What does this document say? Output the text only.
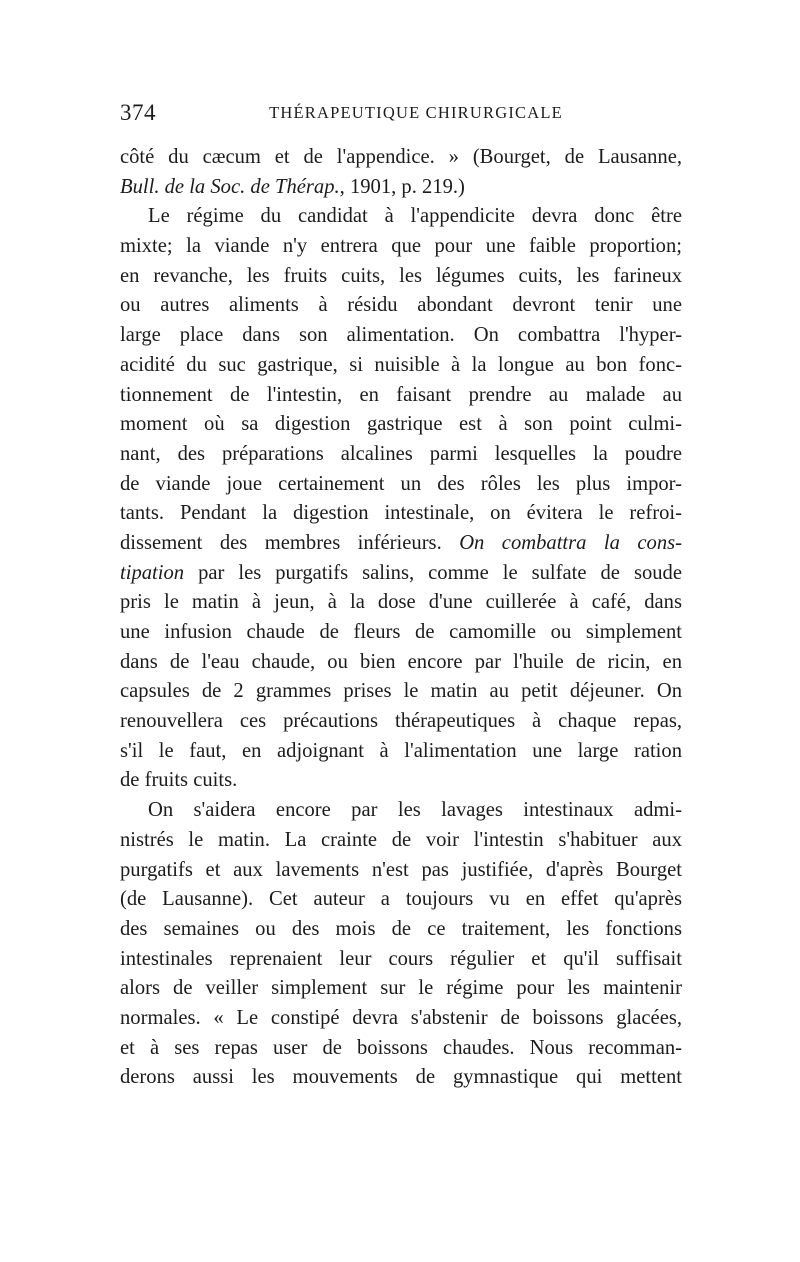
374	THÉRAPEUTIQUE CHIRURGICALE
côté du cæcum et de l'appendice. » (Bourget, de Lausanne,
Bull. de la Soc. de Thérap., 1901, p. 219.)
Le régime du candidat à l'appendicite devra donc être
mixte; la viande n'y entrera que pour une faible proportion;
en revanche, les fruits cuits, les légumes cuits, les farineux
ou autres aliments à résidu abondant devront tenir une
large place dans son alimentation. On combattra l'hyper-
acidité du suc gastrique, si nuisible à la longue au bon fonc-
tionnement de l'intestin, en faisant prendre au malade au
moment où sa digestion gastrique est à son point culmi-
nant, des préparations alcalines parmi lesquelles la poudre
de viande joue certainement un des rôles les plus impor-
tants. Pendant la digestion intestinale, on évitera le refroi-
dissement des membres inférieurs. On combattra la cons-
tipation par les purgatifs salins, comme le sulfate de soude
pris le matin à jeun, à la dose d'une cuillerée à café, dans
une infusion chaude de fleurs de camomille ou simplement
dans de l'eau chaude, ou bien encore par l'huile de ricin, en
capsules de 2 grammes prises le matin au petit déjeuner. On
renouvellera ces précautions thérapeutiques à chaque repas,
s'il le faut, en adjoignant à l'alimentation une large ration
de fruits cuits.
On s'aidera encore par les lavages intestinaux admi-
nistrés le matin. La crainte de voir l'intestin s'habituer aux
purgatifs et aux lavements n'est pas justifiée, d'après Bourget
(de Lausanne). Cet auteur a toujours vu en effet qu'après
des semaines ou des mois de ce traitement, les fonctions
intestinales reprenaient leur cours régulier et qu'il suffisait
alors de veiller simplement sur le régime pour les maintenir
normales. « Le constipé devra s'abstenir de boissons glacées,
et à ses repas user de boissons chaudes. Nous recomman-
derons aussi les mouvements de gymnastique qui mettent
